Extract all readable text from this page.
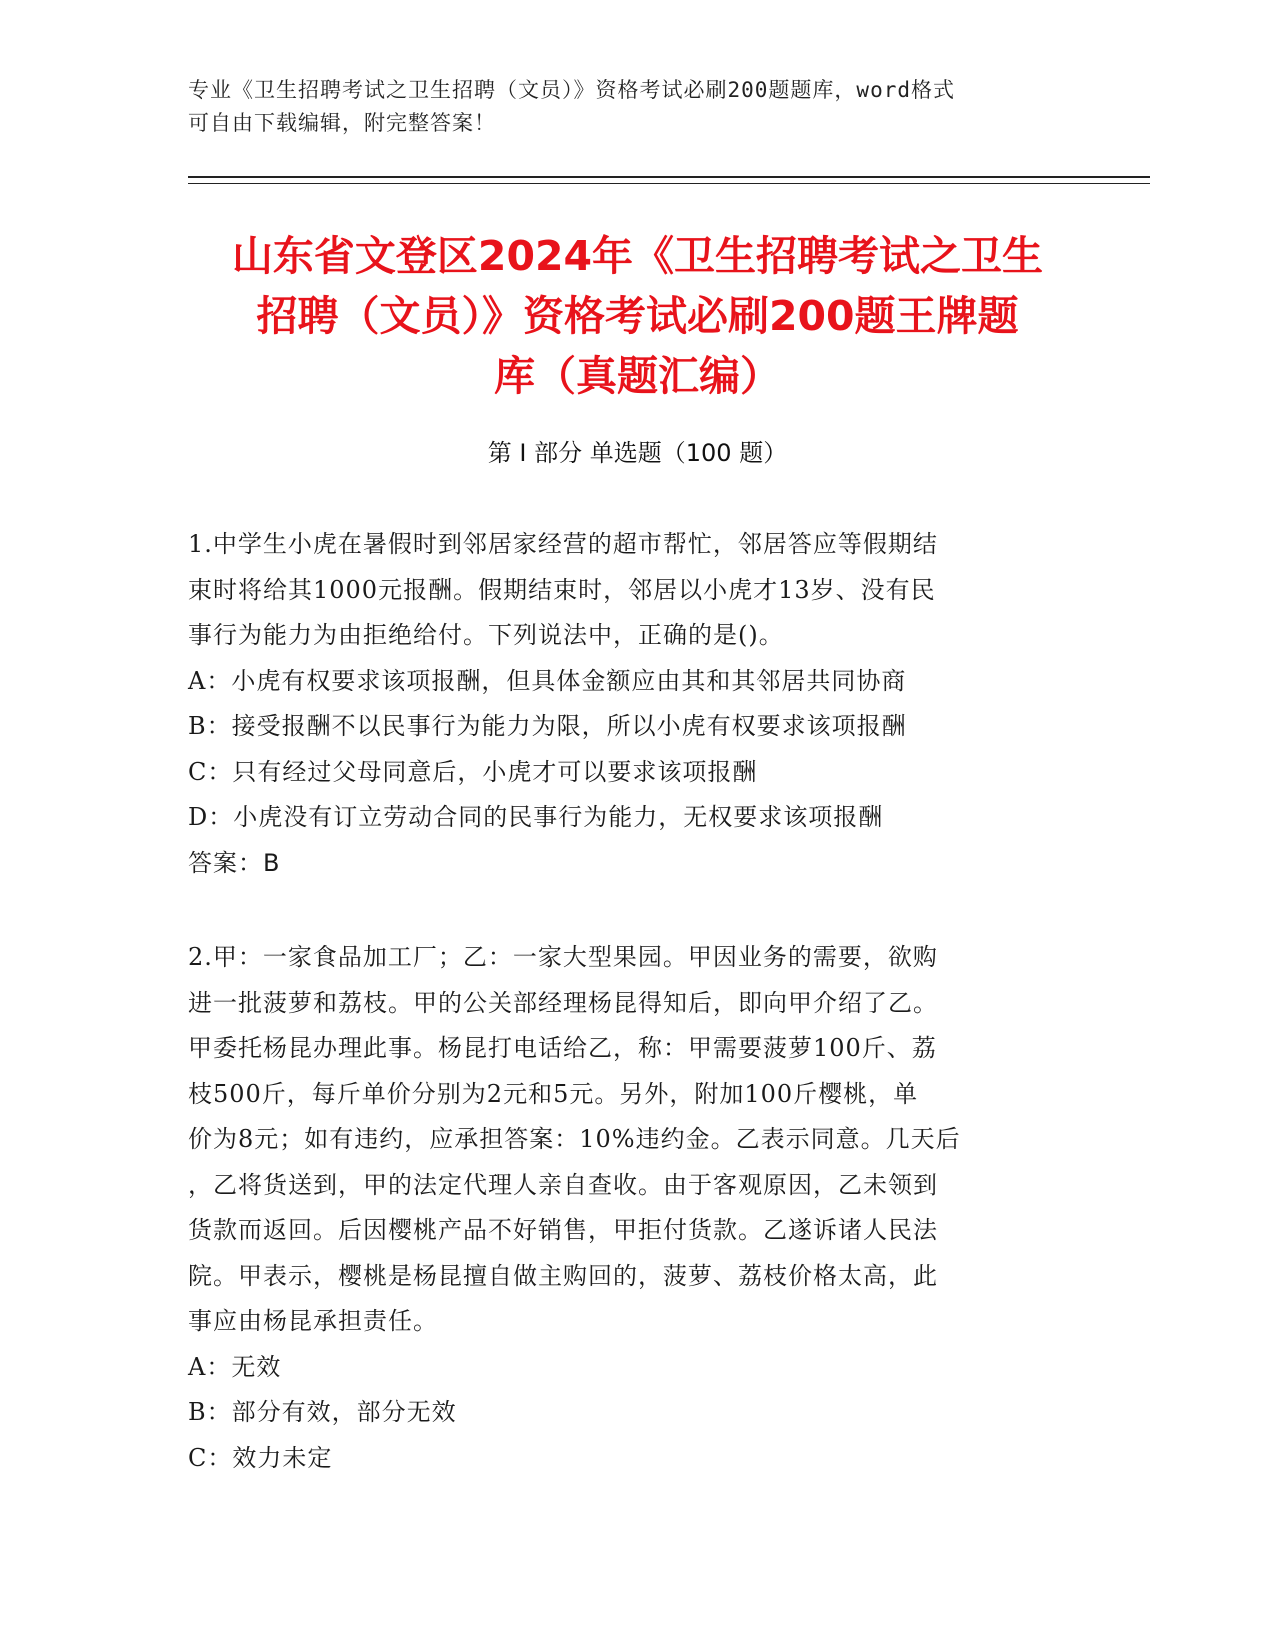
专业《卫生招聘考试之卫生招聘（文员）》资格考试必刷200题题库，word格式
可自由下载编辑，附完整答案！
山东省文登区2024年《卫生招聘考试之卫生
招聘（文员）》资格考试必刷200题王牌题
库（真题汇编）
第 I 部分 单选题（100 题）
1.中学生小虎在暑假时到邻居家经营的超市帮忙，邻居答应等假期结
束时将给其1000元报酬。假期结束时，邻居以小虎才13岁、没有民
事行为能力为由拒绝给付。下列说法中，正确的是()。
A：小虎有权要求该项报酬，但具体金额应由其和其邻居共同协商
B：接受报酬不以民事行为能力为限，所以小虎有权要求该项报酬
C：只有经过父母同意后，小虎才可以要求该项报酬
D：小虎没有订立劳动合同的民事行为能力，无权要求该项报酬
答案：B
2.甲：一家食品加工厂；乙：一家大型果园。甲因业务的需要，欲购
进一批菠萝和荔枝。甲的公关部经理杨昆得知后，即向甲介绍了乙。
甲委托杨昆办理此事。杨昆打电话给乙，称：甲需要菠萝100斤、荔
枝500斤，每斤单价分别为2元和5元。另外，附加100斤樱桃，单
价为8元；如有违约，应承担答案：10%违约金。乙表示同意。几天后
，乙将货送到，甲的法定代理人亲自查收。由于客观原因，乙未领到
货款而返回。后因樱桃产品不好销售，甲拒付货款。乙遂诉诸人民法
院。甲表示，樱桃是杨昆擅自做主购回的，菠萝、荔枝价格太高，此
事应由杨昆承担责任。
A：无效
B：部分有效，部分无效
C：效力未定
